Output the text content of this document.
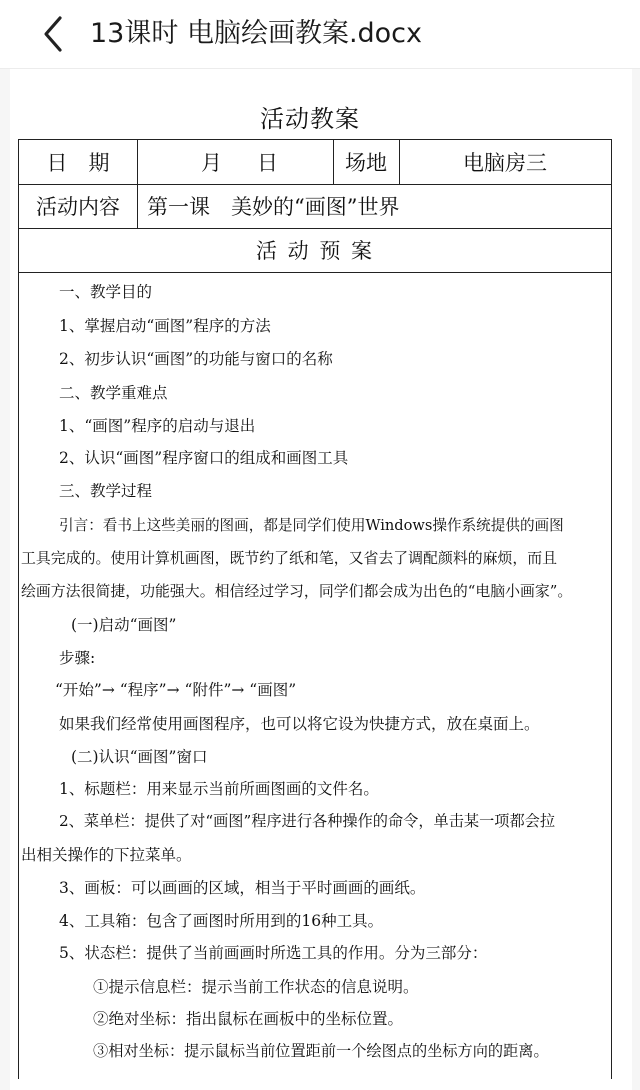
13课时 电脑绘画教案.docx
活动教案
日　期	月 日	场地	电脑房三
活动内容	第一课　美妙的“画图”世界
活 动 预 案
一、教学目的
1、掌握启动“画图”程序的方法
2、初步认识“画图”的功能与窗口的名称
二、教学重难点
1、“画图”程序的启动与退出
2、认识“画图”程序窗口的组成和画图工具
三、教学过程
引言：看书上这些美丽的图画，都是同学们使用Windows操作系统提供的画图
工具完成的。使用计算机画图，既节约了纸和笔，又省去了调配颜料的麻烦，而且
绘画方法很简捷，功能强大。相信经过学习，同学们都会成为出色的“电脑小画家”。
(一)启动“画图”
步骤:
“开始”→ “程序”→ “附件”→ “画图”
如果我们经常使用画图程序，也可以将它设为快捷方式，放在桌面上。
(二)认识“画图”窗口
1、标题栏：用来显示当前所画图画的文件名。
2、菜单栏：提供了对“画图”程序进行各种操作的命令，单击某一项都会拉
出相关操作的下拉菜单。
3、画板：可以画画的区域，相当于平时画画的画纸。
4、工具箱：包含了画图时所用到的16种工具。
5、状态栏：提供了当前画画时所选工具的作用。分为三部分：
①提示信息栏：提示当前工作状态的信息说明。
②绝对坐标：指出鼠标在画板中的坐标位置。
③相对坐标：提示鼠标当前位置距前一个绘图点的坐标方向的距离。
